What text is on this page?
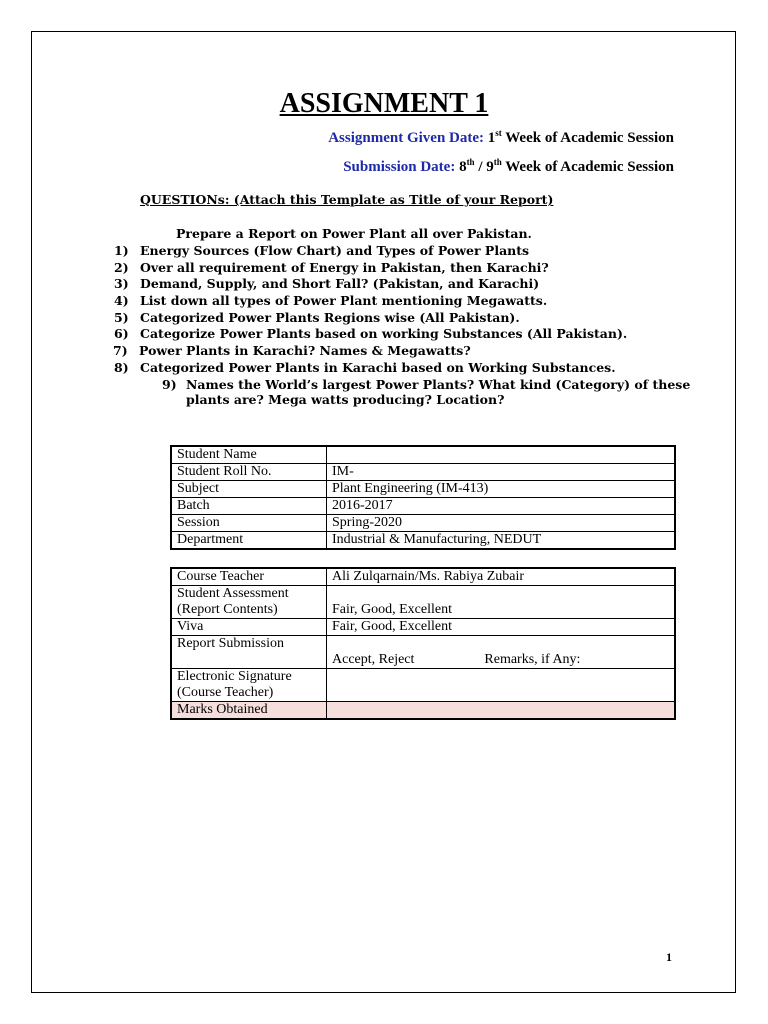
ASSIGNMENT 1
Assignment Given Date: 1st Week of Academic Session
Submission Date: 8th / 9th Week of Academic Session
QUESTIONs: (Attach this Template as Title of your Report)
Prepare a Report on Power Plant all over Pakistan.
1) Energy Sources (Flow Chart) and Types of Power Plants
2) Over all requirement of Energy in Pakistan, then Karachi?
3) Demand, Supply, and Short Fall? (Pakistan, and Karachi)
4) List down all types of Power Plant mentioning Megawatts.
5) Categorized Power Plants Regions wise (All Pakistan).
6) Categorize Power Plants based on working Substances (All Pakistan).
7) Power Plants in Karachi? Names & Megawatts?
8) Categorized Power Plants in Karachi based on Working Substances.
9) Names the World’s largest Power Plants? What kind (Category) of these
plants are? Mega watts producing? Location?
Student Name	
Student Roll No.	IM-
Subject	Plant Engineering (IM-413)
Batch	2016-2017
Session	Spring-2020
Department	Industrial & Manufacturing, NEDUT
Course Teacher	Ali Zulqarnain/Ms. Rabiya Zubair

Student Assessment
(Report Contents)	Fair, Good, Excellent
Viva	Fair, Good, Excellent
Report Submission	Accept, Reject Remarks, if Any:

Electronic Signature
(Course Teacher)	

Marks Obtained	
1
